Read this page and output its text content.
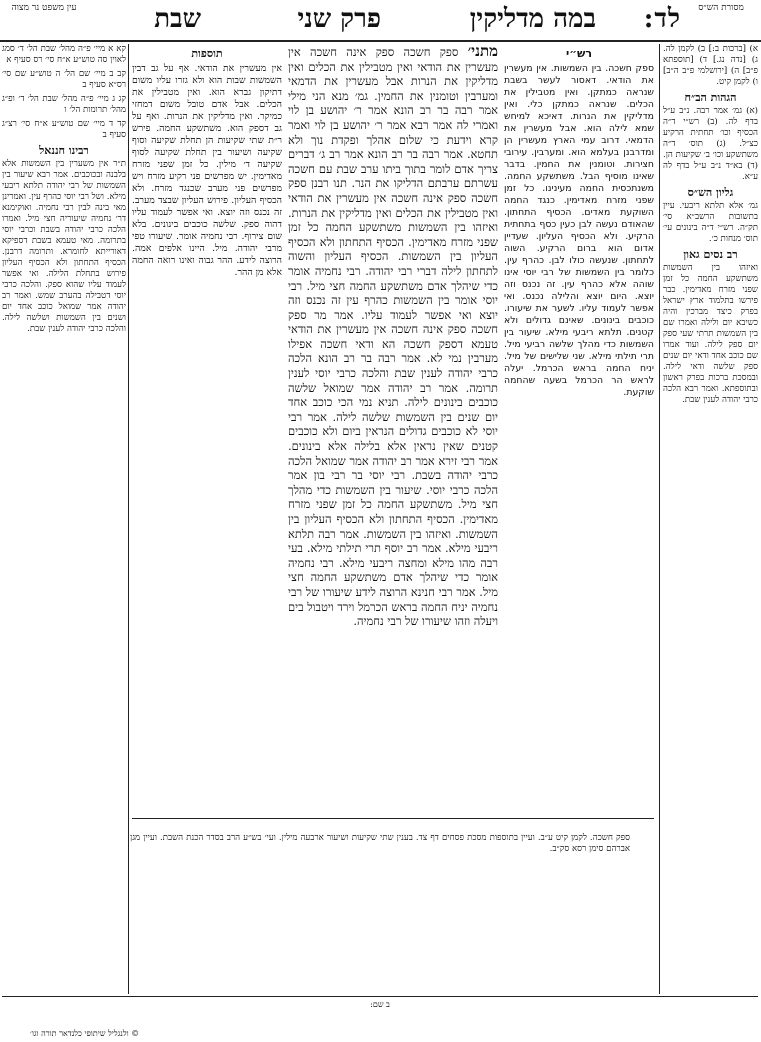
עין משפט נר מצוה	שבת	פרק שני	במה מדליקין לד:	מסורת הש״ס

קא א מיי׳ פ״ה מהל׳ שבת הל׳ ד׳ סמג לאוין סה טוש״ע א״ח סי׳ רס סעיף א

קב ב מיי׳ שם הל׳ ה טוש״ע שם סי׳ רס״א סעיף ב

קג ג מיי׳ פ״ה מהל׳ שבת הל׳ ד׳ ופ״ג מהל׳ תרומות הל׳ ו

קד ד מיי׳ שם טוש״ע א״ח סי׳ רצ״ג סעיף ב

רבינו חננאל

ת״ר אין משערין בין השמשות אלא בלבנה ובכוכבים. אמר רבא שיעור בין השמשות של רבי יהודה תלתא ריבעי מילא. ושל רבי יוסי כהרף עין. ואמרינן מאי בינה לבין רבי נחמיה. ואוקימנא דר׳ נחמיה שיעוריה חצי מיל. ואמרו הלכה כרבי יהודה בשבת וכרבי יוסי בתרומה. מאי טעמא בשבת דספיקא דאורייתא לחומרא. ותרומה דרבנן. הכסיף התחתון ולא הכסיף העליון פירוש בתחלת הלילה. ואי אפשר לעמוד עליו שהוא ספק. והלכה כרבי יוסי דטבילה בהערב שמש. ואמר רב יהודה אמר שמואל כוכב אחד יום ושנים בין השמשות ושלשה לילה. והלכה כרבי יהודה לענין שבת.

תוספות

אין מעשרין את הודאי. אף על גב דבין השמשות שבות הוא ולא גזרו עליו משום דתיקון גברא הוא. ואין מטבילין את הכלים. אבל אדם טובל משום דמחזי כמיקר. ואין מדליקין את הנרות. ואף על גב דספק הוא. משתשקע החמה. פירש ר״ת שתי שקיעות הן תחלת שקיעה וסוף שקיעה ושיעור בין תחלת שקיעה לסוף שקיעה ד׳ מילין. כל זמן שפני מזרח מאדימין. יש מפרשים פני רקיע מזרח ויש מפרשים פני מערב שכנגד מזרח. ולא הכסיף העליון. פירוש העליון שבצד מערב. זה נכנס וזה יוצא. ואי אפשר לעמוד עליו דהוה ספק. שלשה כוכבים בינונים. בלא שום צירוף. רבי נחמיה אומר. שיעורו טפי מרבי יהודה. מיל. היינו אלפים אמה. הרוצה לידע. ההר גבוה ואינו רואה החמה אלא מן ההר.

מתני׳ ספק חשכה ספק אינה חשכה אין מעשרין את הודאי ואין מטבילין את הכלים ואין מדליקין את הנרות אבל מעשרין את הדמאי ומערבין וטומנין את החמין. גמ׳ מנא הני מילי אמר רבה בר רב הונא אמר ר׳ יהושע בן לוי ואמרי לה אמר רבא אמר ר׳ יהושע בן לוי ואמר קרא וידעת כי שלום אהלך ופקדת נוך ולא תחטא. אמר רבה בר רב הונא אמר רב ג׳ דברים צריך אדם לומר בתוך ביתו ערב שבת עם חשכה עשרתם ערבתם הדליקו את הנר. תנו רבנן ספק חשכה ספק אינה חשכה אין מעשרין את הודאי ואין מטבילין את הכלים ואין מדליקין את הנרות. ואיזהו בין השמשות משתשקע החמה כל זמן שפני מזרח מאדימין. הכסיף התחתון ולא הכסיף העליון בין השמשות. הכסיף העליון והשוה לתחתון לילה דברי רבי יהודה. רבי נחמיה אומר כדי שיהלך אדם משתשקע החמה חצי מיל. רבי יוסי אומר בין השמשות כהרף עין זה נכנס וזה יוצא ואי אפשר לעמוד עליו. אמר מר ספק חשכה ספק אינה חשכה אין מעשרין את הודאי טעמא דספק חשכה הא ודאי חשכה אפילו מערבין נמי לא. אמר רבה בר רב הונא הלכה כרבי יהודה לענין שבת והלכה כרבי יוסי לענין תרומה. אמר רב יהודה אמר שמואל שלשה כוכבים בינונים לילה. תניא נמי הכי כוכב אחד יום שנים בין השמשות שלשה לילה. אמר רבי יוסי לא כוכבים גדולים הנראין ביום ולא כוכבים קטנים שאין נראין אלא בלילה אלא בינונים. אמר רבי זירא אמר רב יהודה אמר שמואל הלכה כרבי יהודה בשבת. רבי יוסי בר רבי בון אמר הלכה כרבי יוסי. שיעור בין השמשות כדי מהלך חצי מיל. משתשקע החמה כל זמן שפני מזרח מאדימין. הכסיף התחתון ולא הכסיף העליון בין השמשות. ואיזהו בין השמשות. אמר רבה תלתא ריבעי מילא. אמר רב יוסף תרי תילתי מילא. בעי רבה מהו מילא ומחצה ריבעי מילא. רבי נחמיה אומר כדי שיהלך אדם משתשקע החמה חצי מיל. אמר רבי חנינא הרוצה לידע שיעורו של רבי נחמיה יניח החמה בראש הכרמל וירד ויטבול בים ויעלה וזהו שיעורו של רבי נחמיה.
רש״י

ספק חשכה. בין השמשות. אין מעשרין את הודאי. דאסור לעשר בשבת שנראה כמתקן. ואין מטבילין את הכלים. שנראה כמתקן כלי. ואין מדליקין את הנרות. דאיכא למיחש שמא לילה הוא. אבל מעשרין את הדמאי. דרוב עמי הארץ מעשרין הן ומדרבנן בעלמא הוא. ומערבין. עירובי חצירות. וטומנין את החמין. בדבר שאינו מוסיף הבל. משתשקע החמה. משנתכסית החמה מעינינו. כל זמן שפני מזרח מאדימין. כנגד החמה השוקעת מאדים. הכסיף התחתון. שהאודם נעשה לבן כעין כסף בתחתית הרקיע. ולא הכסיף העליון. שעדיין אדום הוא ברום הרקיע. השוה לתחתון. שנעשה כולו לבן. כהרף עין. כלומר בין השמשות של רבי יוסי אינו שוהה אלא כהרף עין. זה נכנס וזה יוצא. היום יוצא והלילה נכנס. ואי אפשר לעמוד עליו. לשער את שיעורו. כוכבים בינונים. שאינם גדולים ולא קטנים. תלתא ריבעי מילא. שיעור בין השמשות כדי מהלך שלשה רביעי מיל. תרי תילתי מילא. שני שלישים של מיל. יניח החמה בראש הכרמל. יעלה לראש הר הכרמל בשעה שהחמה שוקעת.

א) [ברכות ב:] ב) לקמן לה. ג) [נדה נג.] ד) [תוספתא פ״ב] ה) [ירושלמי פ״ב ה״ב] ו) לקמן קיט.

הגהות הב״ח

(א) גמ׳ אמר רבה. נ״ב ע״ל בדף לה. (ב) רש״י ד״ה הכסיף וכו׳ תחתית הרקיע כצ״ל. (ג) תוס׳ ד״ה משתשקע וכו׳ ב׳ שקיעות הן. (ד) בא״ד נ״ב ע״ל בדף לה ע״א.

גליון הש״ס

גמ׳ אלא תלתא ריבעי. עיין בתשובות הרשב״א סי׳ תק״ה. רש״י ד״ה בינונים עי׳ תוס׳ מנחות כ׳.

רב נסים גאון

ואיזהו בין השמשות משתשקע החמה כל זמן שפני מזרח מאדימין. כבר פירשו בתלמוד ארץ ישראל בפרק כיצד מברכין והיה כשיבא יום ולילה ואמרו שם בין השמשות תרתי שעי ספק יום ספק לילה. ועוד אמרו שם כוכב אחד ודאי יום שנים ספק שלשה ודאי לילה. ובמסכת ברכות בפרק ראשון ובתוספתא. ואמר רבא הלכה כרבי יהודה לענין שבת.

ספק חשכה. לקמן קיט ע״ב. ועיין בתוספות מסכת פסחים דף צד. בענין שתי שקיעות ושיעור ארבעה מילין. ועי׳ בש״ע הרב בסדר הכנת השבת. ועיין מגן אברהם סימן רסא סק״ב.

ב שם:
© ולנגליל שיתופי כלנדאר תורה וגו׳
